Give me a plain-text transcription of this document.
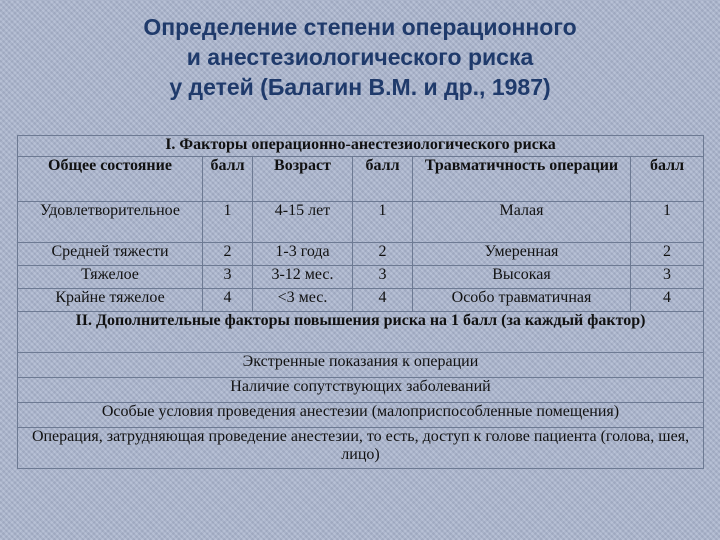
Определение степени операционного
и анестезиологического риска
у детей (Балагин В.М. и др., 1987)
I. Факторы операционно-анестезиологического риска					
Общее состояние	балл	Возраст	балл	Травматичность операции	балл
Удовлетворительное	1	4-15 лет	1	Малая	1
Средней тяжести	2	1-3 года	2	Умеренная	2
Тяжелое	3	3-12 мес.	3	Высокая	3
Крайне тяжелое	4	<3 мес.	4	Особо травматичная	4
II. Дополнительные факторы повышения риска на 1 балл (за каждый фактор)					
Экстренные показания к операции					
Наличие сопутствующих заболеваний					
Особые условия проведения анестезии (малоприспособленные помещения)					
Операция, затрудняющая проведение анестезии, то есть, доступ к голове пациента (голова, шея, лицо)					
